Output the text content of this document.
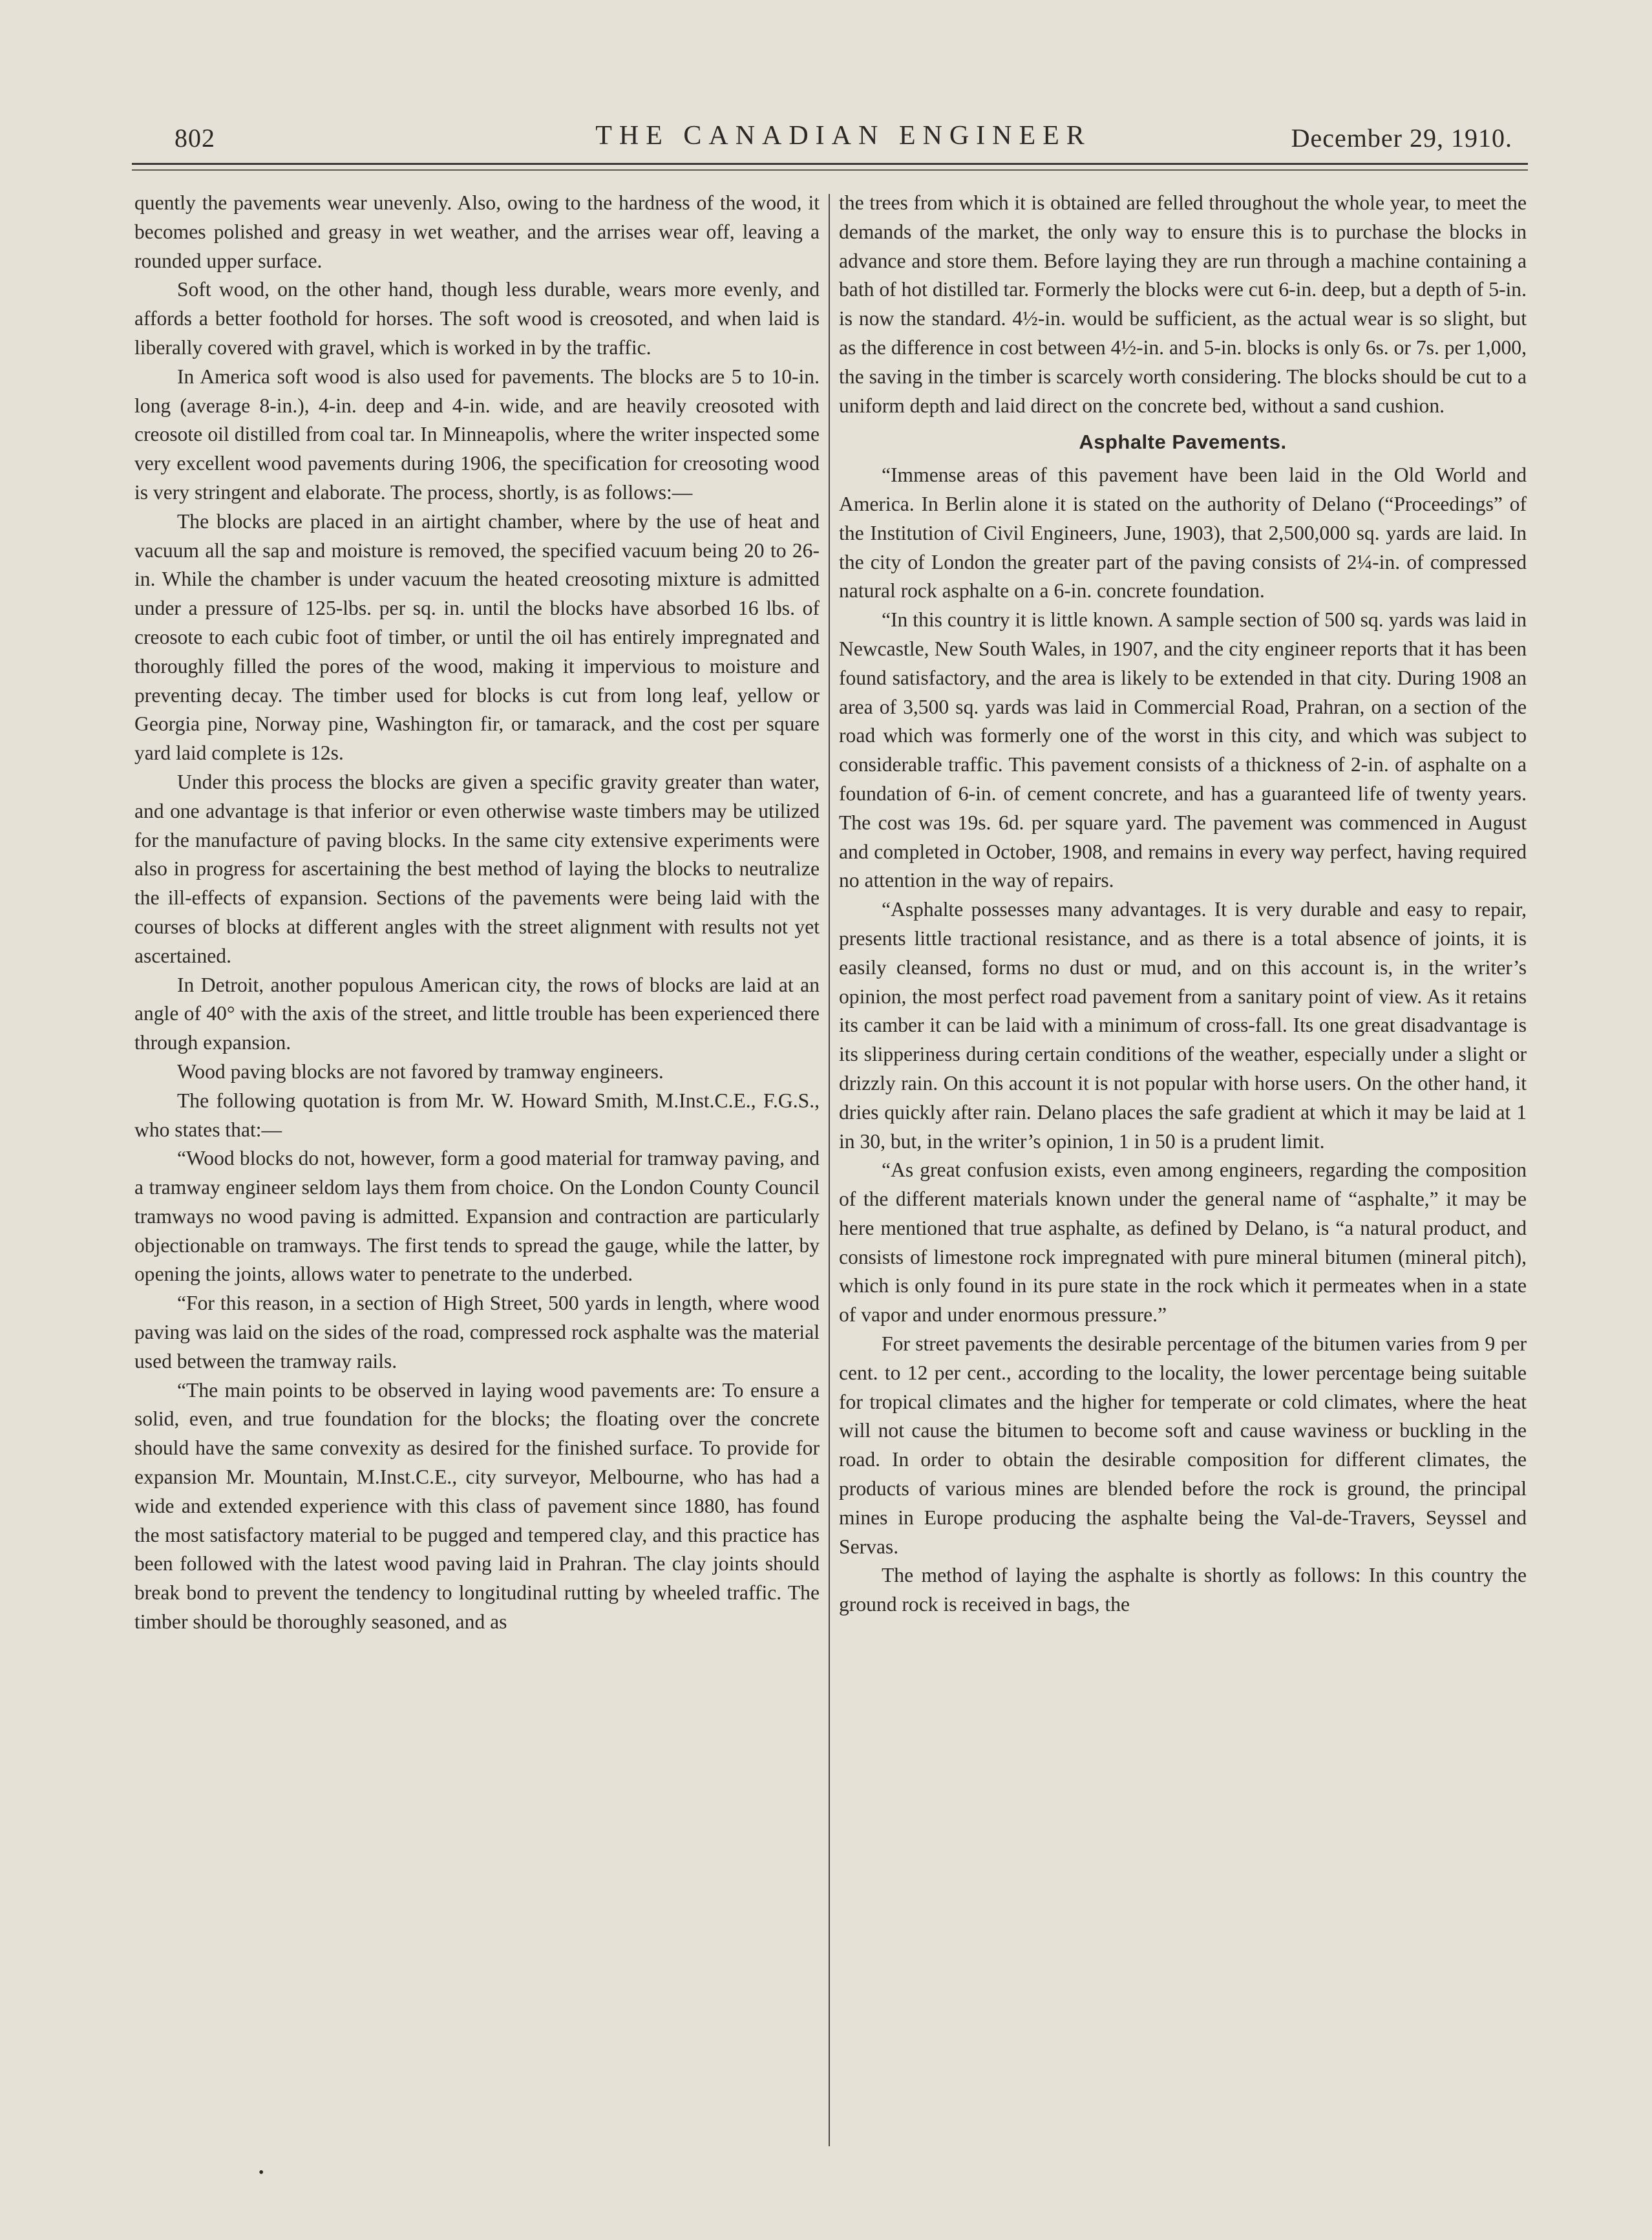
802	THE CANADIAN ENGINEER	December 29, 1910.

quently the pavements wear unevenly. Also, owing to the hardness of the wood, it becomes polished and greasy in wet weather, and the arrises wear off, leaving a rounded upper surface.

Soft wood, on the other hand, though less durable, wears more evenly, and affords a better foothold for horses. The soft wood is creosoted, and when laid is liberally covered with gravel, which is worked in by the traffic.

In America soft wood is also used for pavements. The blocks are 5 to 10-in. long (average 8-in.), 4-in. deep and 4-in. wide, and are heavily creosoted with creosote oil distilled from coal tar. In Minneapolis, where the writer inspected some very excellent wood pavements during 1906, the specification for creosoting wood is very stringent and elaborate. The process, shortly, is as follows:—

The blocks are placed in an airtight chamber, where by the use of heat and vacuum all the sap and moisture is removed, the specified vacuum being 20 to 26-in. While the chamber is under vacuum the heated creosoting mixture is admitted under a pressure of 125-lbs. per sq. in. until the blocks have absorbed 16 lbs. of creosote to each cubic foot of timber, or until the oil has entirely impregnated and thoroughly filled the pores of the wood, making it impervious to moisture and preventing decay. The timber used for blocks is cut from long leaf, yellow or Georgia pine, Norway pine, Washington fir, or tamarack, and the cost per square yard laid complete is 12s.

Under this process the blocks are given a specific gravity greater than water, and one advantage is that inferior or even otherwise waste timbers may be utilized for the manufacture of paving blocks. In the same city extensive experiments were also in progress for ascertaining the best method of laying the blocks to neutralize the ill-effects of expansion. Sections of the pavements were being laid with the courses of blocks at different angles with the street alignment with results not yet ascertained.

In Detroit, another populous American city, the rows of blocks are laid at an angle of 40° with the axis of the street, and little trouble has been experienced there through expansion.

Wood paving blocks are not favored by tramway engineers.

The following quotation is from Mr. W. Howard Smith, M.Inst.C.E., F.G.S., who states that:—

“Wood blocks do not, however, form a good material for tramway paving, and a tramway engineer seldom lays them from choice. On the London County Council tramways no wood paving is admitted. Expansion and contraction are particularly objectionable on tramways. The first tends to spread the gauge, while the latter, by opening the joints, allows water to penetrate to the underbed.

“For this reason, in a section of High Street, 500 yards in length, where wood paving was laid on the sides of the road, compressed rock asphalte was the material used between the tramway rails.

“The main points to be observed in laying wood pavements are: To ensure a solid, even, and true foundation for the blocks; the floating over the concrete should have the same convexity as desired for the finished surface. To provide for expansion Mr. Mountain, M.Inst.C.E., city surveyor, Melbourne, who has had a wide and extended experience with this class of pavement since 1880, has found the most satisfactory material to be pugged and tempered clay, and this practice has been followed with the latest wood paving laid in Prahran. The clay joints should break bond to prevent the tendency to longitudinal rutting by wheeled traffic. The timber should be thoroughly seasoned, and as

the trees from which it is obtained are felled throughout the whole year, to meet the demands of the market, the only way to ensure this is to purchase the blocks in advance and store them. Before laying they are run through a machine containing a bath of hot distilled tar. Formerly the blocks were cut 6-in. deep, but a depth of 5-in. is now the standard. 4½-in. would be sufficient, as the actual wear is so slight, but as the difference in cost between 4½-in. and 5-in. blocks is only 6s. or 7s. per 1,000, the saving in the timber is scarcely worth considering. The blocks should be cut to a uniform depth and laid direct on the concrete bed, without a sand cushion.

Asphalte Pavements.

“Immense areas of this pavement have been laid in the Old World and America. In Berlin alone it is stated on the authority of Delano (“Proceedings” of the Institution of Civil Engineers, June, 1903), that 2,500,000 sq. yards are laid. In the city of London the greater part of the paving consists of 2¼-in. of compressed natural rock asphalte on a 6-in. concrete foundation.

“In this country it is little known. A sample section of 500 sq. yards was laid in Newcastle, New South Wales, in 1907, and the city engineer reports that it has been found satisfactory, and the area is likely to be extended in that city. During 1908 an area of 3,500 sq. yards was laid in Commercial Road, Prahran, on a section of the road which was formerly one of the worst in this city, and which was subject to considerable traffic. This pavement consists of a thickness of 2-in. of asphalte on a foundation of 6-in. of cement concrete, and has a guaranteed life of twenty years. The cost was 19s. 6d. per square yard. The pavement was commenced in August and completed in October, 1908, and remains in every way perfect, having required no attention in the way of repairs.

“Asphalte possesses many advantages. It is very durable and easy to repair, presents little tractional resistance, and as there is a total absence of joints, it is easily cleansed, forms no dust or mud, and on this account is, in the writer’s opinion, the most perfect road pavement from a sanitary point of view. As it retains its camber it can be laid with a minimum of cross-fall. Its one great disadvantage is its slipperiness during certain conditions of the weather, especially under a slight or drizzly rain. On this account it is not popular with horse users. On the other hand, it dries quickly after rain. Delano places the safe gradient at which it may be laid at 1 in 30, but, in the writer’s opinion, 1 in 50 is a prudent limit.

“As great confusion exists, even among engineers, regarding the composition of the different materials known under the general name of “asphalte,” it may be here mentioned that true asphalte, as defined by Delano, is “a natural product, and consists of limestone rock impregnated with pure mineral bitumen (mineral pitch), which is only found in its pure state in the rock which it permeates when in a state of vapor and under enormous pressure.”

For street pavements the desirable percentage of the bitumen varies from 9 per cent. to 12 per cent., according to the locality, the lower percentage being suitable for tropical climates and the higher for temperate or cold climates, where the heat will not cause the bitumen to become soft and cause waviness or buckling in the road. In order to obtain the desirable composition for different climates, the products of various mines are blended before the rock is ground, the principal mines in Europe producing the asphalte being the Val-de-Travers, Seyssel and Servas.

The method of laying the asphalte is shortly as follows: In this country the ground rock is received in bags, the

•
